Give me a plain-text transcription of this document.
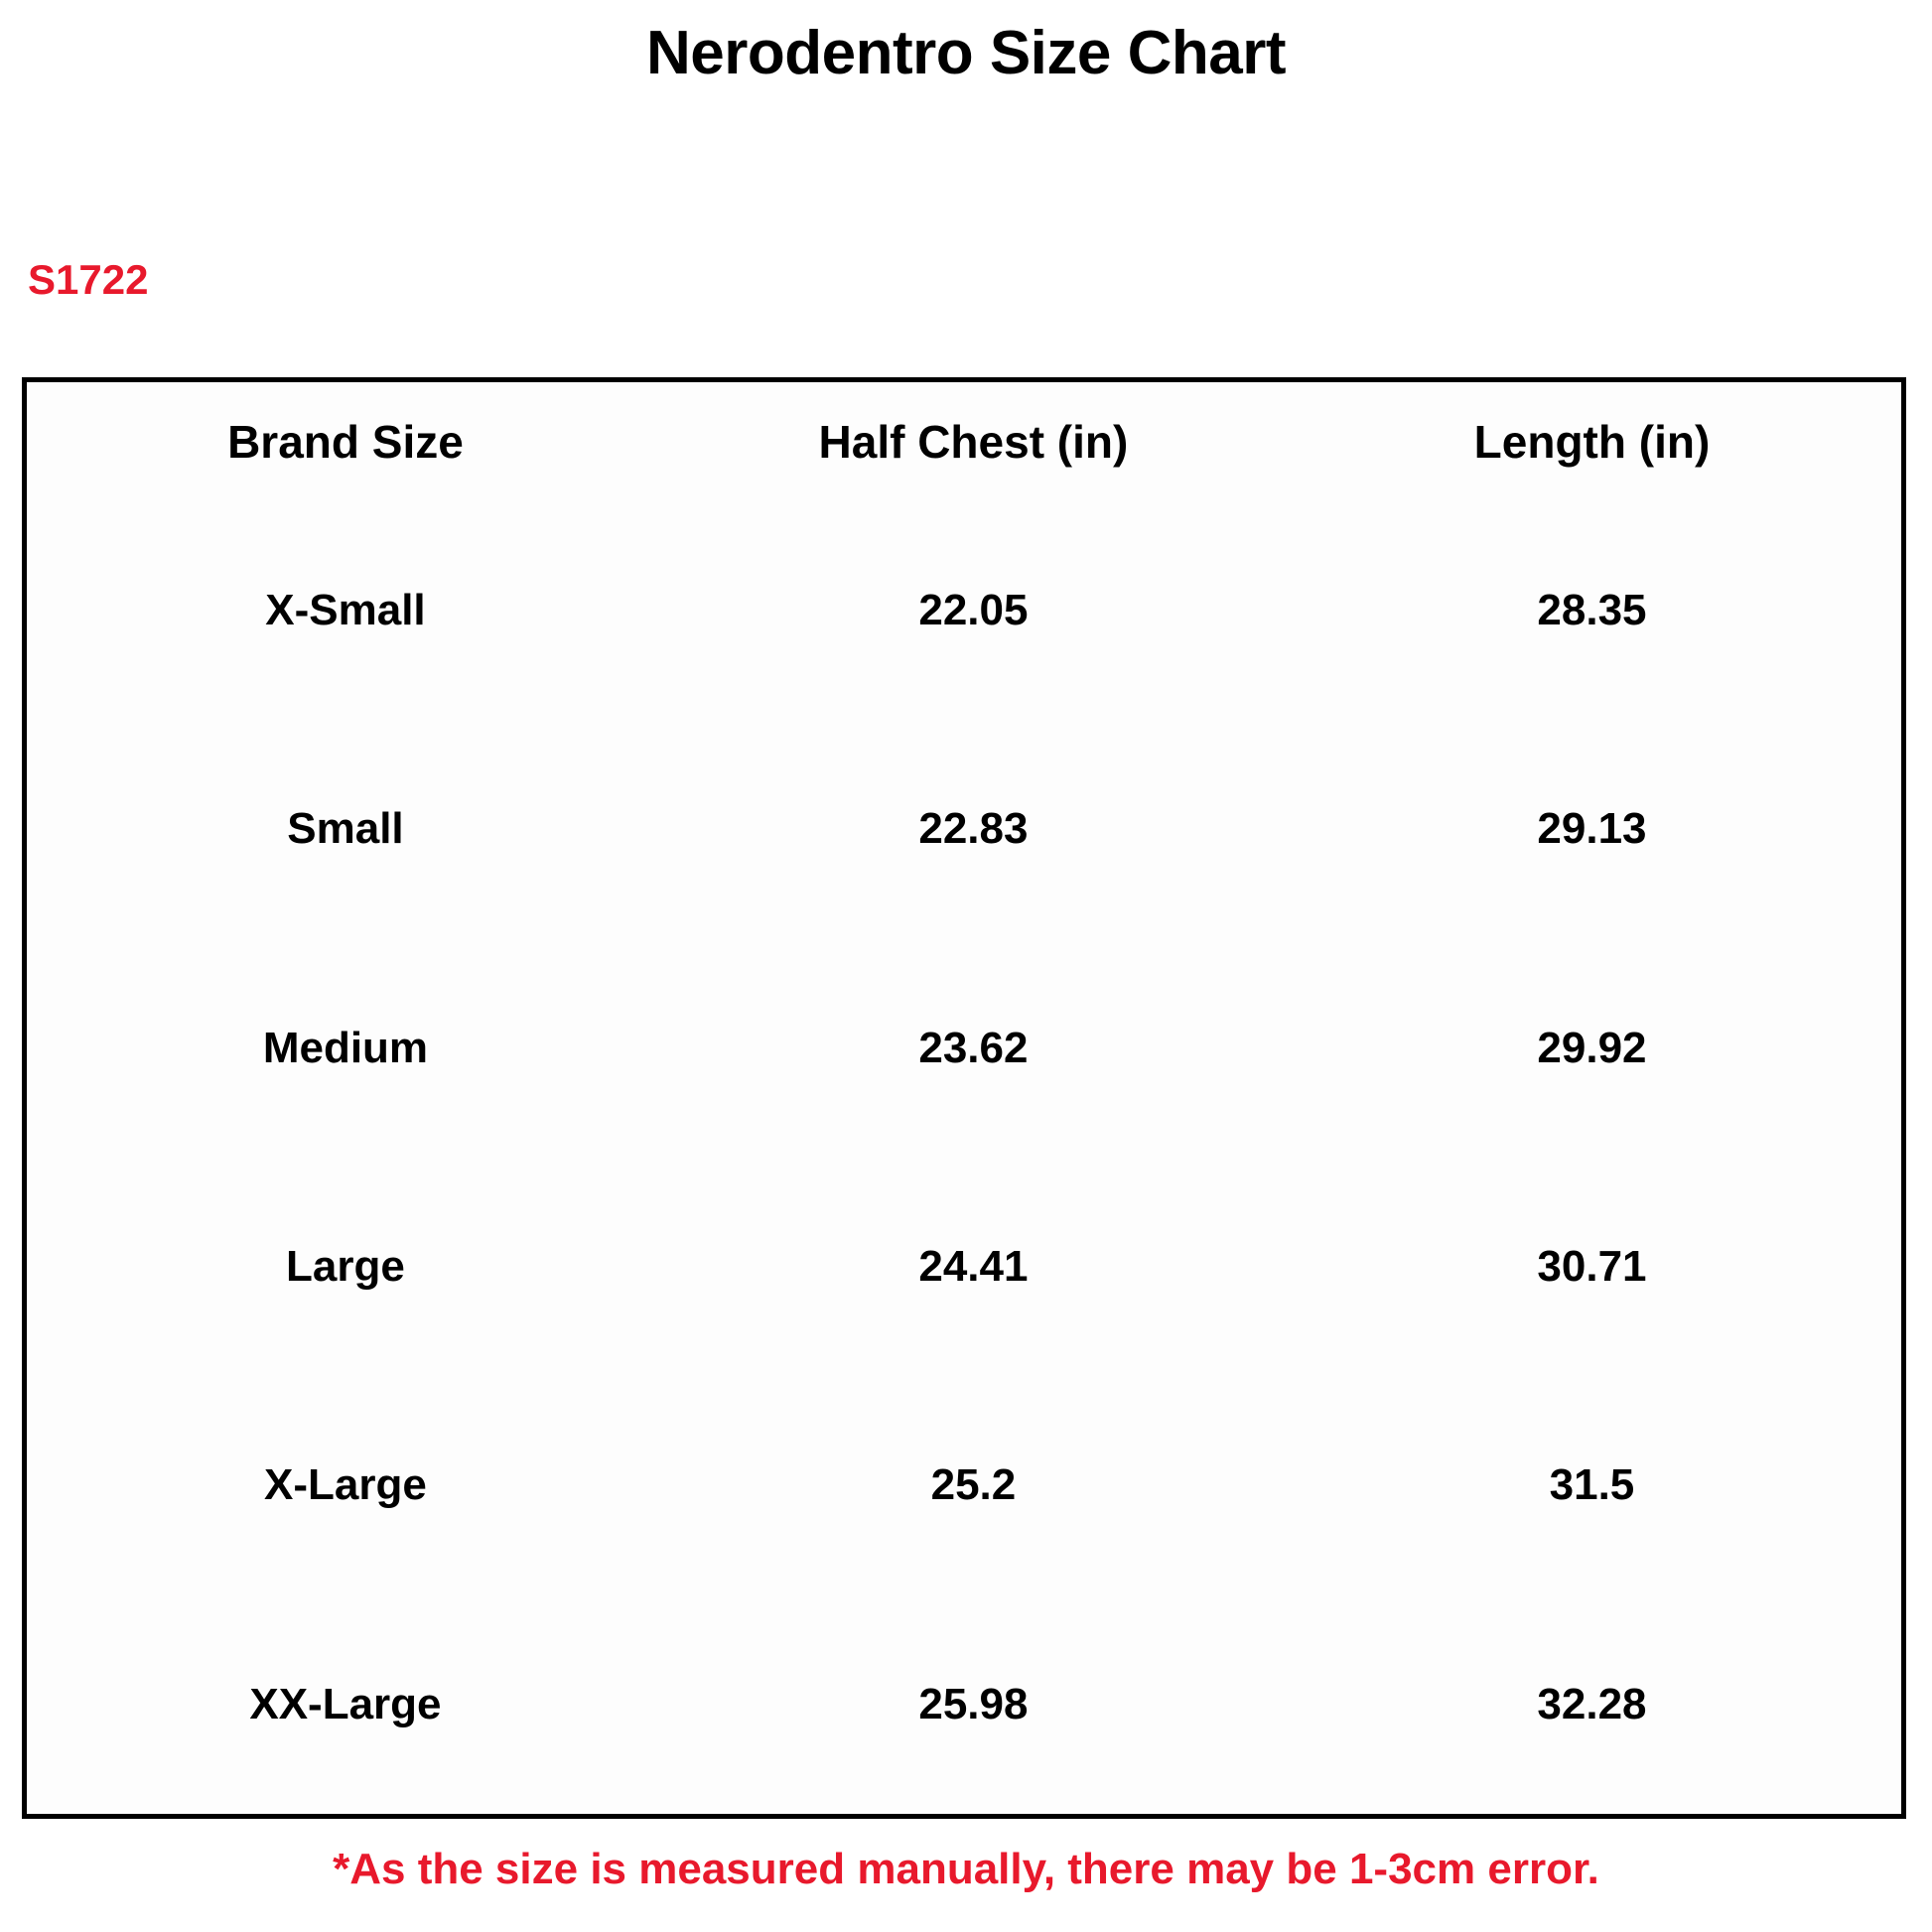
Nerodentro Size Chart
S1722
Brand Size	Half Chest (in)	Length (in)
X-Small	22.05	28.35
Small	22.83	29.13
Medium	23.62	29.92
Large	24.41	30.71
X-Large	25.2	31.5
XX-Large	25.98	32.28
*As the size is measured manually, there may be 1-3cm error.
